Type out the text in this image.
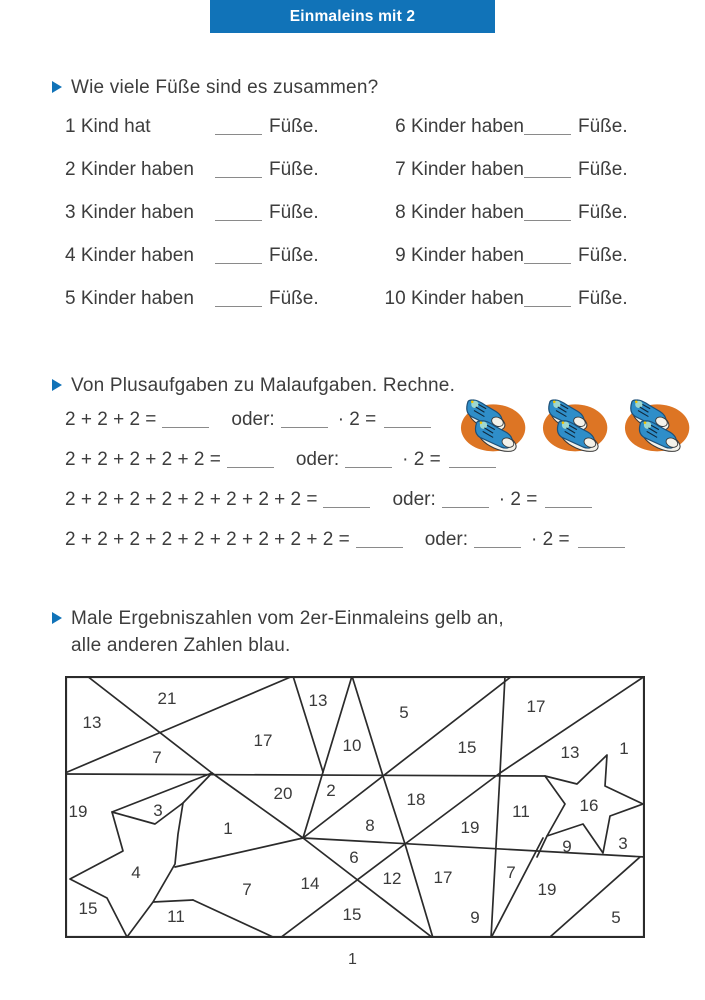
Einmaleins mit 2
Wie viele Füße sind es zusammen?
1 Kind hat	Füße.
2 Kinder haben	Füße.
3 Kinder haben	Füße.
4 Kinder haben	Füße.
5 Kinder haben	Füße.
6 Kinder haben	Füße.
7 Kinder haben	Füße.
8 Kinder haben	Füße.
9 Kinder haben	Füße.
10 Kinder haben	Füße.
Von Plusaufgaben zu Malaufgaben. Rechne.
2 + 2 + 2 =	oder:	· 2 =
2 + 2 + 2 + 2 + 2 =	oder:	· 2 =
2 + 2 + 2 + 2 + 2 + 2 + 2 + 2 =	oder:	· 2 =
2 + 2 + 2 + 2 + 2 + 2 + 2 + 2 + 2 =	oder:	· 2 =
Male Ergebniszahlen vom 2er-Einmaleins gelb an,
alle anderen Zahlen blau.
13
21
7
17
13
10
5
15
17
13 1
19	3
20 2	18
11	16
1	8	19
9	3
6
4	12 17	7
7	14	19
15	11	15	9	5
1
